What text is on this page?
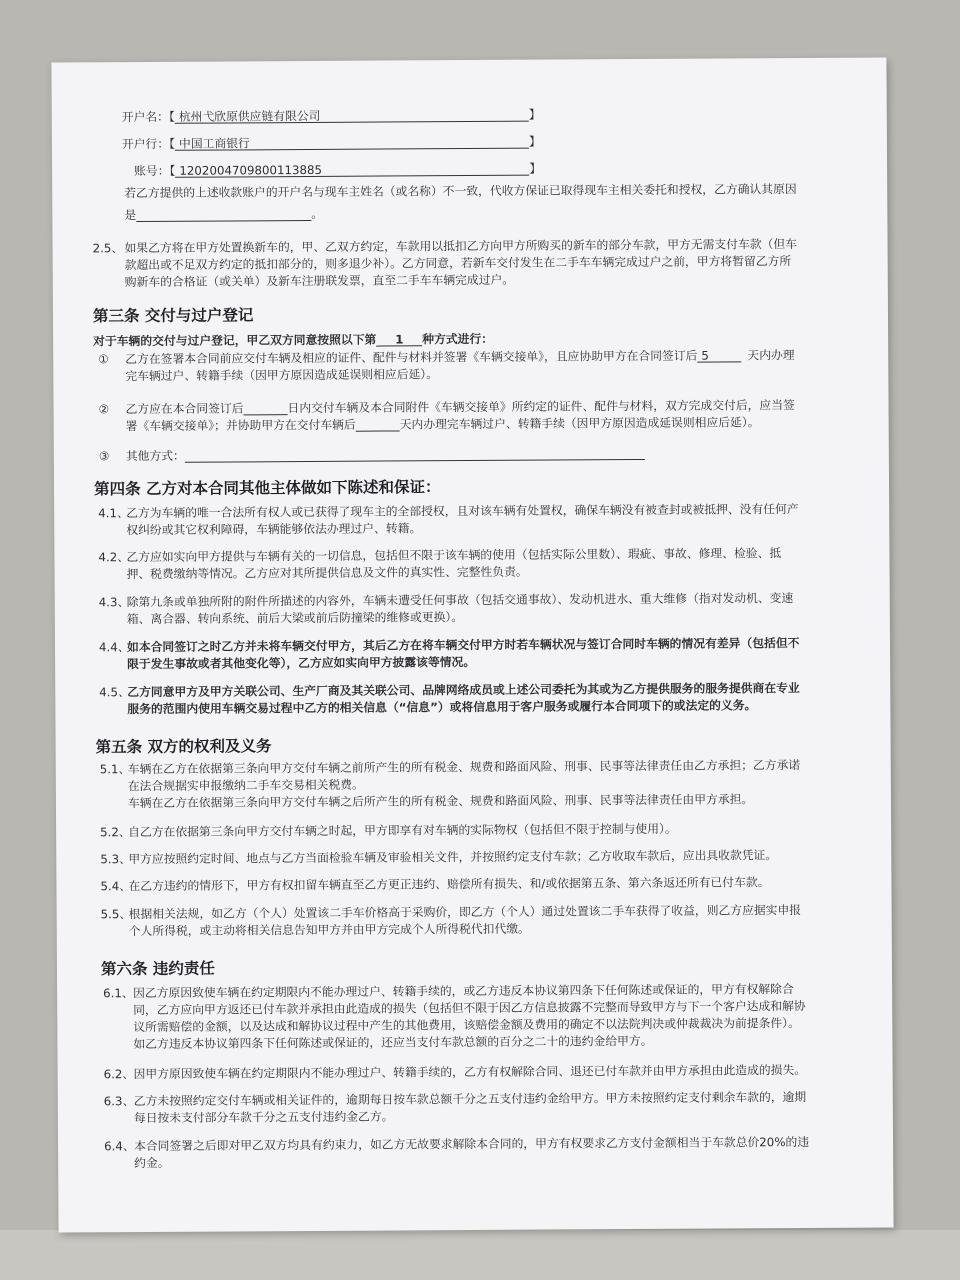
开户名：【 杭州弋欣原供应链有限公司	】
开户行：【 中国工商银行	】
账号：【 1202004709800113885	】
若乙方提供的上述收款账户的开户名与现车主姓名（或名称）不一致，代收方保证已取得现车主相关委托和授权，乙方确认其原因
是	。
2.5、 如果乙方将在甲方处置换新车的，甲、乙双方约定，车款用以抵扣乙方向甲方所购买的新车的部分车款，甲方无需支付车款（但车
款超出或不足双方约定的抵扣部分的，则多退少补）。乙方同意，若新车交付发生在二手车车辆完成过户之前，甲方将暂留乙方所
购新车的合格证（或关单）及新车注册联发票，直至二手车车辆完成过户。
第三条 交付与过户登记
对于车辆的交付与过户登记，甲乙双方同意按照以下第 1 种方式进行：
① 乙方在签署本合同前应交付车辆及相应的证件、配件与材料并签署《车辆交接单》，且应协助甲方在合同签订后 5	天内办理
完车辆过户、转籍手续（因甲方原因造成延误则相应后延）。
② 乙方应在本合同签订后	日内交付车辆及本合同附件《车辆交接单》所约定的证件、配件与材料，双方完成交付后，应当签
署《车辆交接单》；并协助甲方在交付车辆后	天内办理完车辆过户、转籍手续（因甲方原因造成延误则相应后延）。
③ 其他方式：
第四条 乙方对本合同其他主体做如下陈述和保证：
4.1、
乙方为车辆的唯一合法所有权人或已获得了现车主的全部授权，且对该车辆有处置权，确保车辆没有被查封或被抵押、没有任何产
权纠纷或其它权利障碍，车辆能够依法办理过户、转籍。
4.2、
乙方应如实向甲方提供与车辆有关的一切信息，包括但不限于该车辆的使用（包括实际公里数）、瑕疵、事故、修理、检验、抵
押、税费缴纳等情况。乙方应对其所提供信息及文件的真实性、完整性负责。
4.3、
除第九条或单独所附的附件所描述的内容外，车辆未遭受任何事故（包括交通事故）、发动机进水、重大维修（指对发动机、变速
箱、离合器、转向系统、前后大梁或前后防撞梁的维修或更换）。
4.4、
如本合同签订之时乙方并未将车辆交付甲方，其后乙方在将车辆交付甲方时若车辆状况与签订合同时车辆的情况有差异（包括但不
限于发生事故或者其他变化等），乙方应如实向甲方披露该等情况。
4.5、
乙方同意甲方及甲方关联公司、生产厂商及其关联公司、品牌网络成员或上述公司委托为其或为乙方提供服务的服务提供商在专业
服务的范围内使用车辆交易过程中乙方的相关信息（“信息”）或将信息用于客户服务或履行本合同项下的或法定的义务。
第五条 双方的权利及义务
5.1、
车辆在乙方在依据第三条向甲方交付车辆之前所产生的所有税金、规费和路面风险、刑事、民事等法律责任由乙方承担；乙方承诺
在法合规据实申报缴纳二手车交易相关税费。
车辆在乙方在依据第三条向甲方交付车辆之后所产生的所有税金、规费和路面风险、刑事、民事等法律责任由甲方承担。
5.2、
自乙方在依据第三条向甲方交付车辆之时起，甲方即享有对车辆的实际物权（包括但不限于控制与使用）。
5.3、
甲方应按照约定时间、地点与乙方当面检验车辆及审验相关文件，并按照约定支付车款；乙方收取车款后，应出具收款凭证。
5.4、
在乙方违约的情形下，甲方有权扣留车辆直至乙方更正违约、赔偿所有损失、和/或依据第五条、第六条返还所有已付车款。
5.5、
根据相关法规，如乙方（个人）处置该二手车价格高于采购价，即乙方（个人）通过处置该二手车获得了收益，则乙方应据实申报
个人所得税，或主动将相关信息告知甲方并由甲方完成个人所得税代扣代缴。
第六条 违约责任
6.1、 因乙方原因致使车辆在约定期限内不能办理过户、转籍手续的，或乙方违反本协议第四条下任何陈述或保证的，甲方有权解除合
同，乙方应向甲方返还已付车款并承担由此造成的损失（包括但不限于因乙方信息披露不完整而导致甲方与下一个客户达成和解协
议所需赔偿的金额，以及达成和解协议过程中产生的其他费用，该赔偿金额及费用的确定不以法院判决或仲裁裁决为前提条件）。
如乙方违反本协议第四条下任何陈述或保证的，还应当支付车款总额的百分之二十的违约金给甲方。
6.2、 因甲方原因致使车辆在约定期限内不能办理过户、转籍手续的，乙方有权解除合同、退还已付车款并由甲方承担由此造成的损失。
6.3、 乙方未按照约定交付车辆或相关证件的，逾期每日按车款总额千分之五支付违约金给甲方。甲方未按照约定支付剩余车款的，逾期
每日按未支付部分车款千分之五支付违约金乙方。
6.4、 本合同签署之后即对甲乙双方均具有约束力，如乙方无故要求解除本合同的，甲方有权要求乙方支付金额相当于车款总价20%的违
约金。
